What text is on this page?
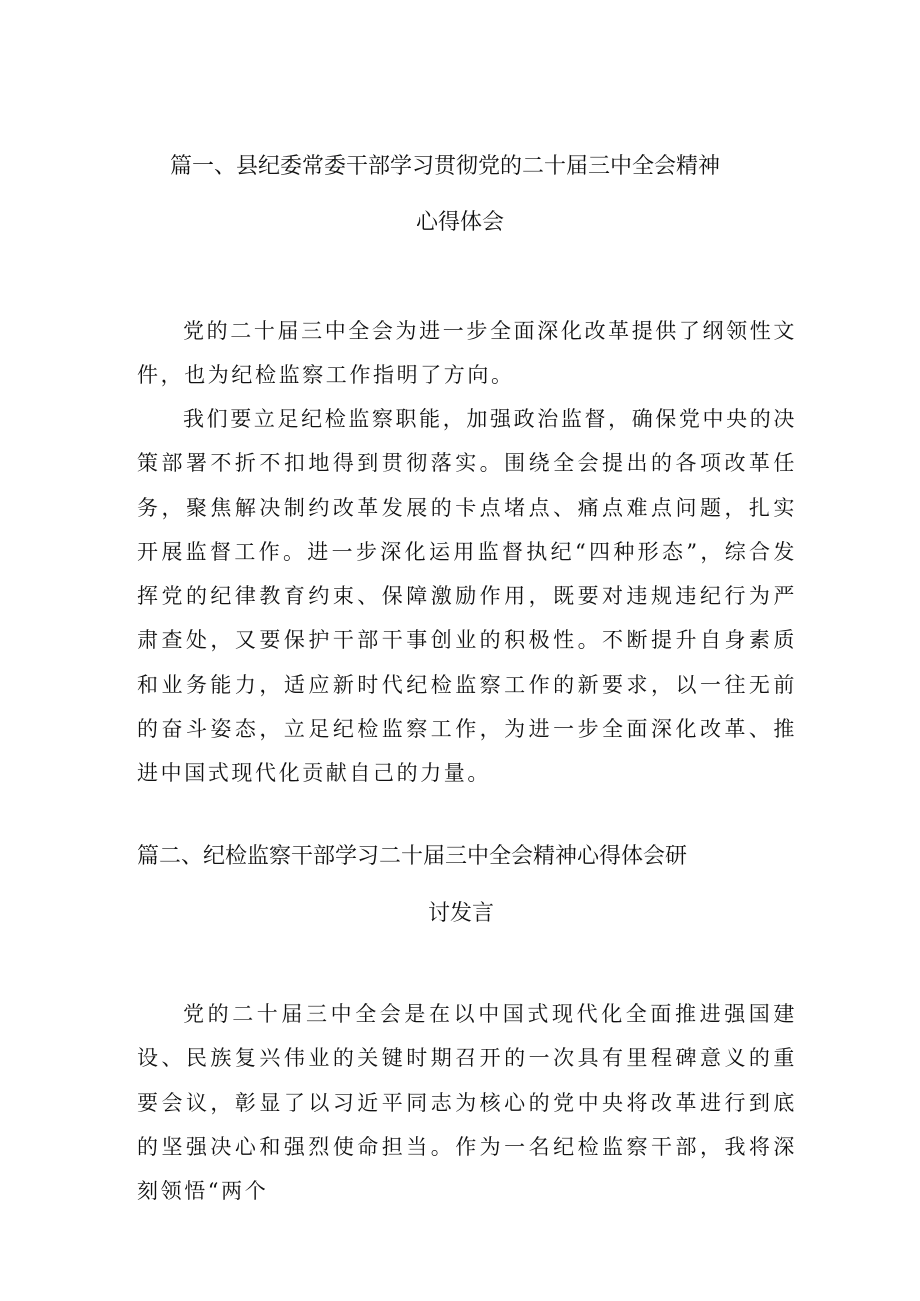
篇一、县纪委常委干部学习贯彻党的二十届三中全会精神
心得体会

党的二十届三中全会为进一步全面深化改革提供了纲领性文件，也为纪检监察工作指明了方向。

我们要立足纪检监察职能，加强政治监督，确保党中央的决策部署不折不扣地得到贯彻落实。围绕全会提出的各项改革任务，聚焦解决制约改革发展的卡点堵点、痛点难点问题，扎实开展监督工作。进一步深化运用监督执纪“四种形态”，综合发挥党的纪律教育约束、保障激励作用，既要对违规违纪行为严肃查处，又要保护干部干事创业的积极性。不断提升自身素质和业务能力，适应新时代纪检监察工作的新要求，以一往无前的奋斗姿态，立足纪检监察工作，为进一步全面深化改革、推进中国式现代化贡献自己的力量。

篇二、纪检监察干部学习二十届三中全会精神心得体会研
讨发言

党的二十届三中全会是在以中国式现代化全面推进强国建设、民族复兴伟业的关键时期召开的一次具有里程碑意义的重要会议，彰显了以习近平同志为核心的党中央将改革进行到底的坚强决心和强烈使命担当。作为一名纪检监察干部，我将深刻领悟“两个
